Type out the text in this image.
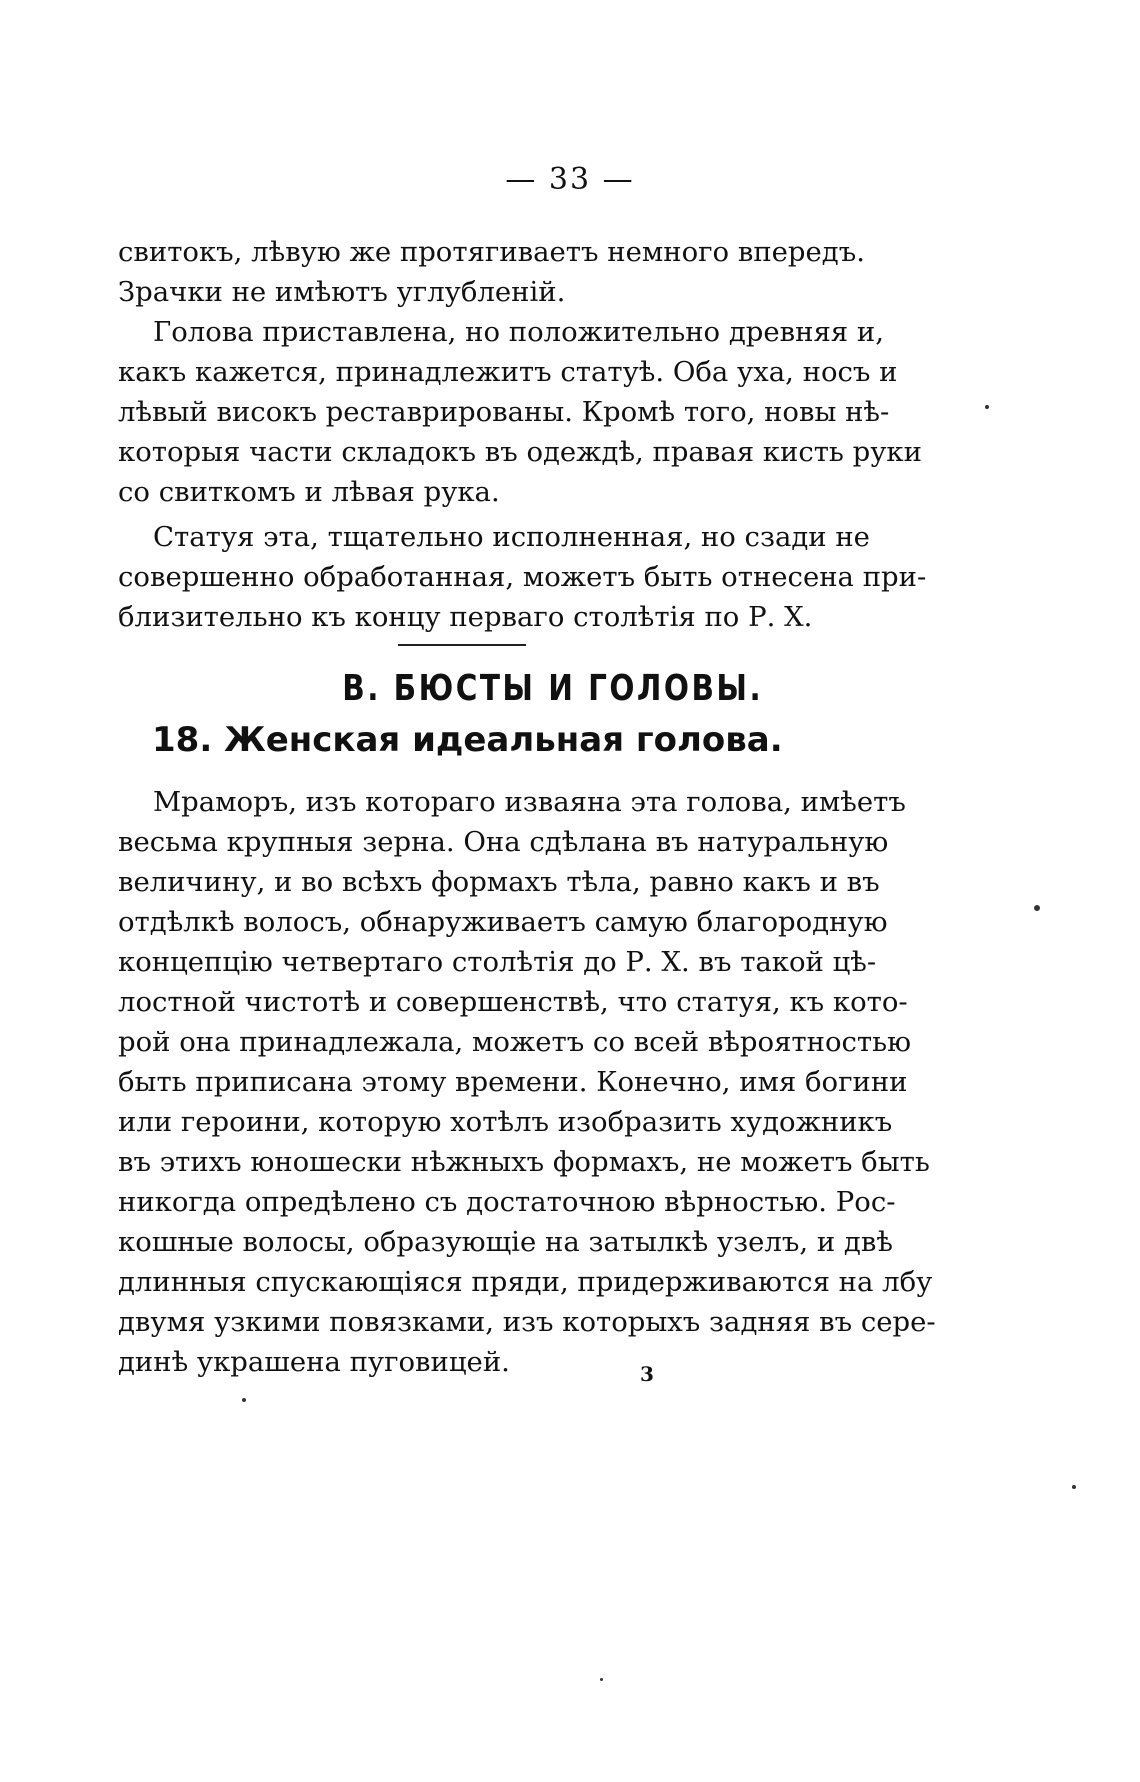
— 33 —
свитокъ, лѣвую же протягиваетъ немного впередъ.
Зрачки не имѣютъ углубленій.
Голова приставлена, но положительно древняя и,
какъ кажется, принадлежитъ статуѣ. Оба уха, носъ и
лѣвый високъ реставрированы. Кромѣ того, новы нѣ-
которыя части складокъ въ одеждѣ, правая кисть руки
со свиткомъ и лѣвая рука.
Статуя эта, тщательно исполненная, но сзади не
совершенно обработанная, можетъ быть отнесена при-
близительно къ концу перваго столѣтія по Р. Х.
В. БЮСТЫ И ГОЛОВЫ.
18. Женская идеальная голова.
Мраморъ, изъ котораго изваяна эта голова, имѣетъ
весьма крупныя зерна. Она сдѣлана въ натуральную
величину, и во всѣхъ формахъ тѣла, равно какъ и въ
отдѣлкѣ волосъ, обнаруживаетъ самую благородную
концепцію четвертаго столѣтія до Р. Х. въ такой цѣ-
лостной чистотѣ и совершенствѣ, что статуя, къ кото-
рой она принадлежала, можетъ со всей вѣроятностью
быть приписана этому времени. Конечно, имя богини
или героини, которую хотѣлъ изобразить художникъ
въ этихъ юношески нѣжныхъ формахъ, не можетъ быть
никогда опредѣлено съ достаточною вѣрностью. Рос-
кошные волосы, образующіе на затылкѣ узелъ, и двѣ
длинныя спускающіяся пряди, придерживаются на лбу
двумя узкими повязками, изъ которыхъ задняя въ сере-
динѣ украшена пуговицей.	3
